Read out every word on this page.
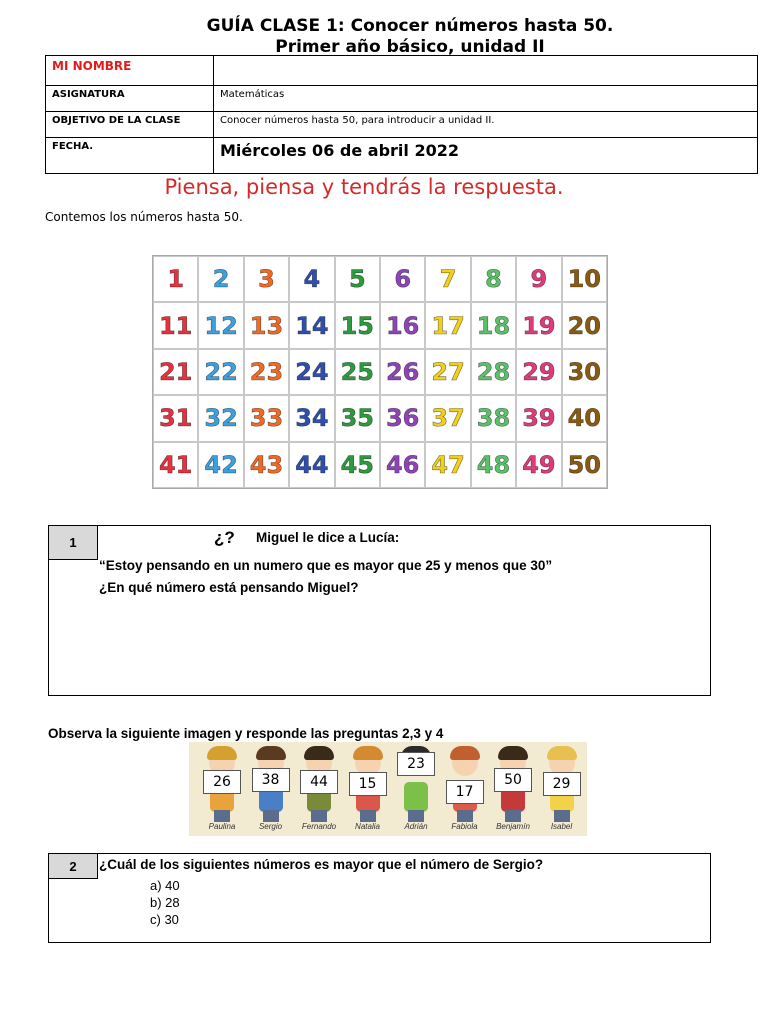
GUÍA CLASE 1: Conocer números hasta 50.
Primer año básico, unidad II
MI NOMBRE	
ASIGNATURA	Matemáticas
OBJETIVO DE LA CLASE	Conocer números hasta 50, para introducir a unidad II.
FECHA.	Miércoles 06 de abril 2022
Piensa, piensa y tendrás la respuesta.
Contemos los números hasta 50.
1	2	3	4	5	6	7	8	9 10
11 12 13 14 15 16 17 18 19 20
21 22 23 24 25 26 27 28 29 30
31 32 33 34 35 36 37 38 39 40
41 42 43 44 45 46 47 48 49 50
1	¿? Miguel le dice a Lucía:
“Estoy pensando en un numero que es mayor que 25 y menos que 30”
¿En qué número está pensando Miguel?
Observa la siguiente imagen y responde las preguntas 2,3 y 4
26
Paulina
38
Sergio
44
Fernando
15
Natalia
23
Adrián
17
Fabiola
50
Benjamín
29
Isabel
2	¿Cuál de los siguientes números es mayor que el número de Sergio?
a) 40
b) 28
c) 30
